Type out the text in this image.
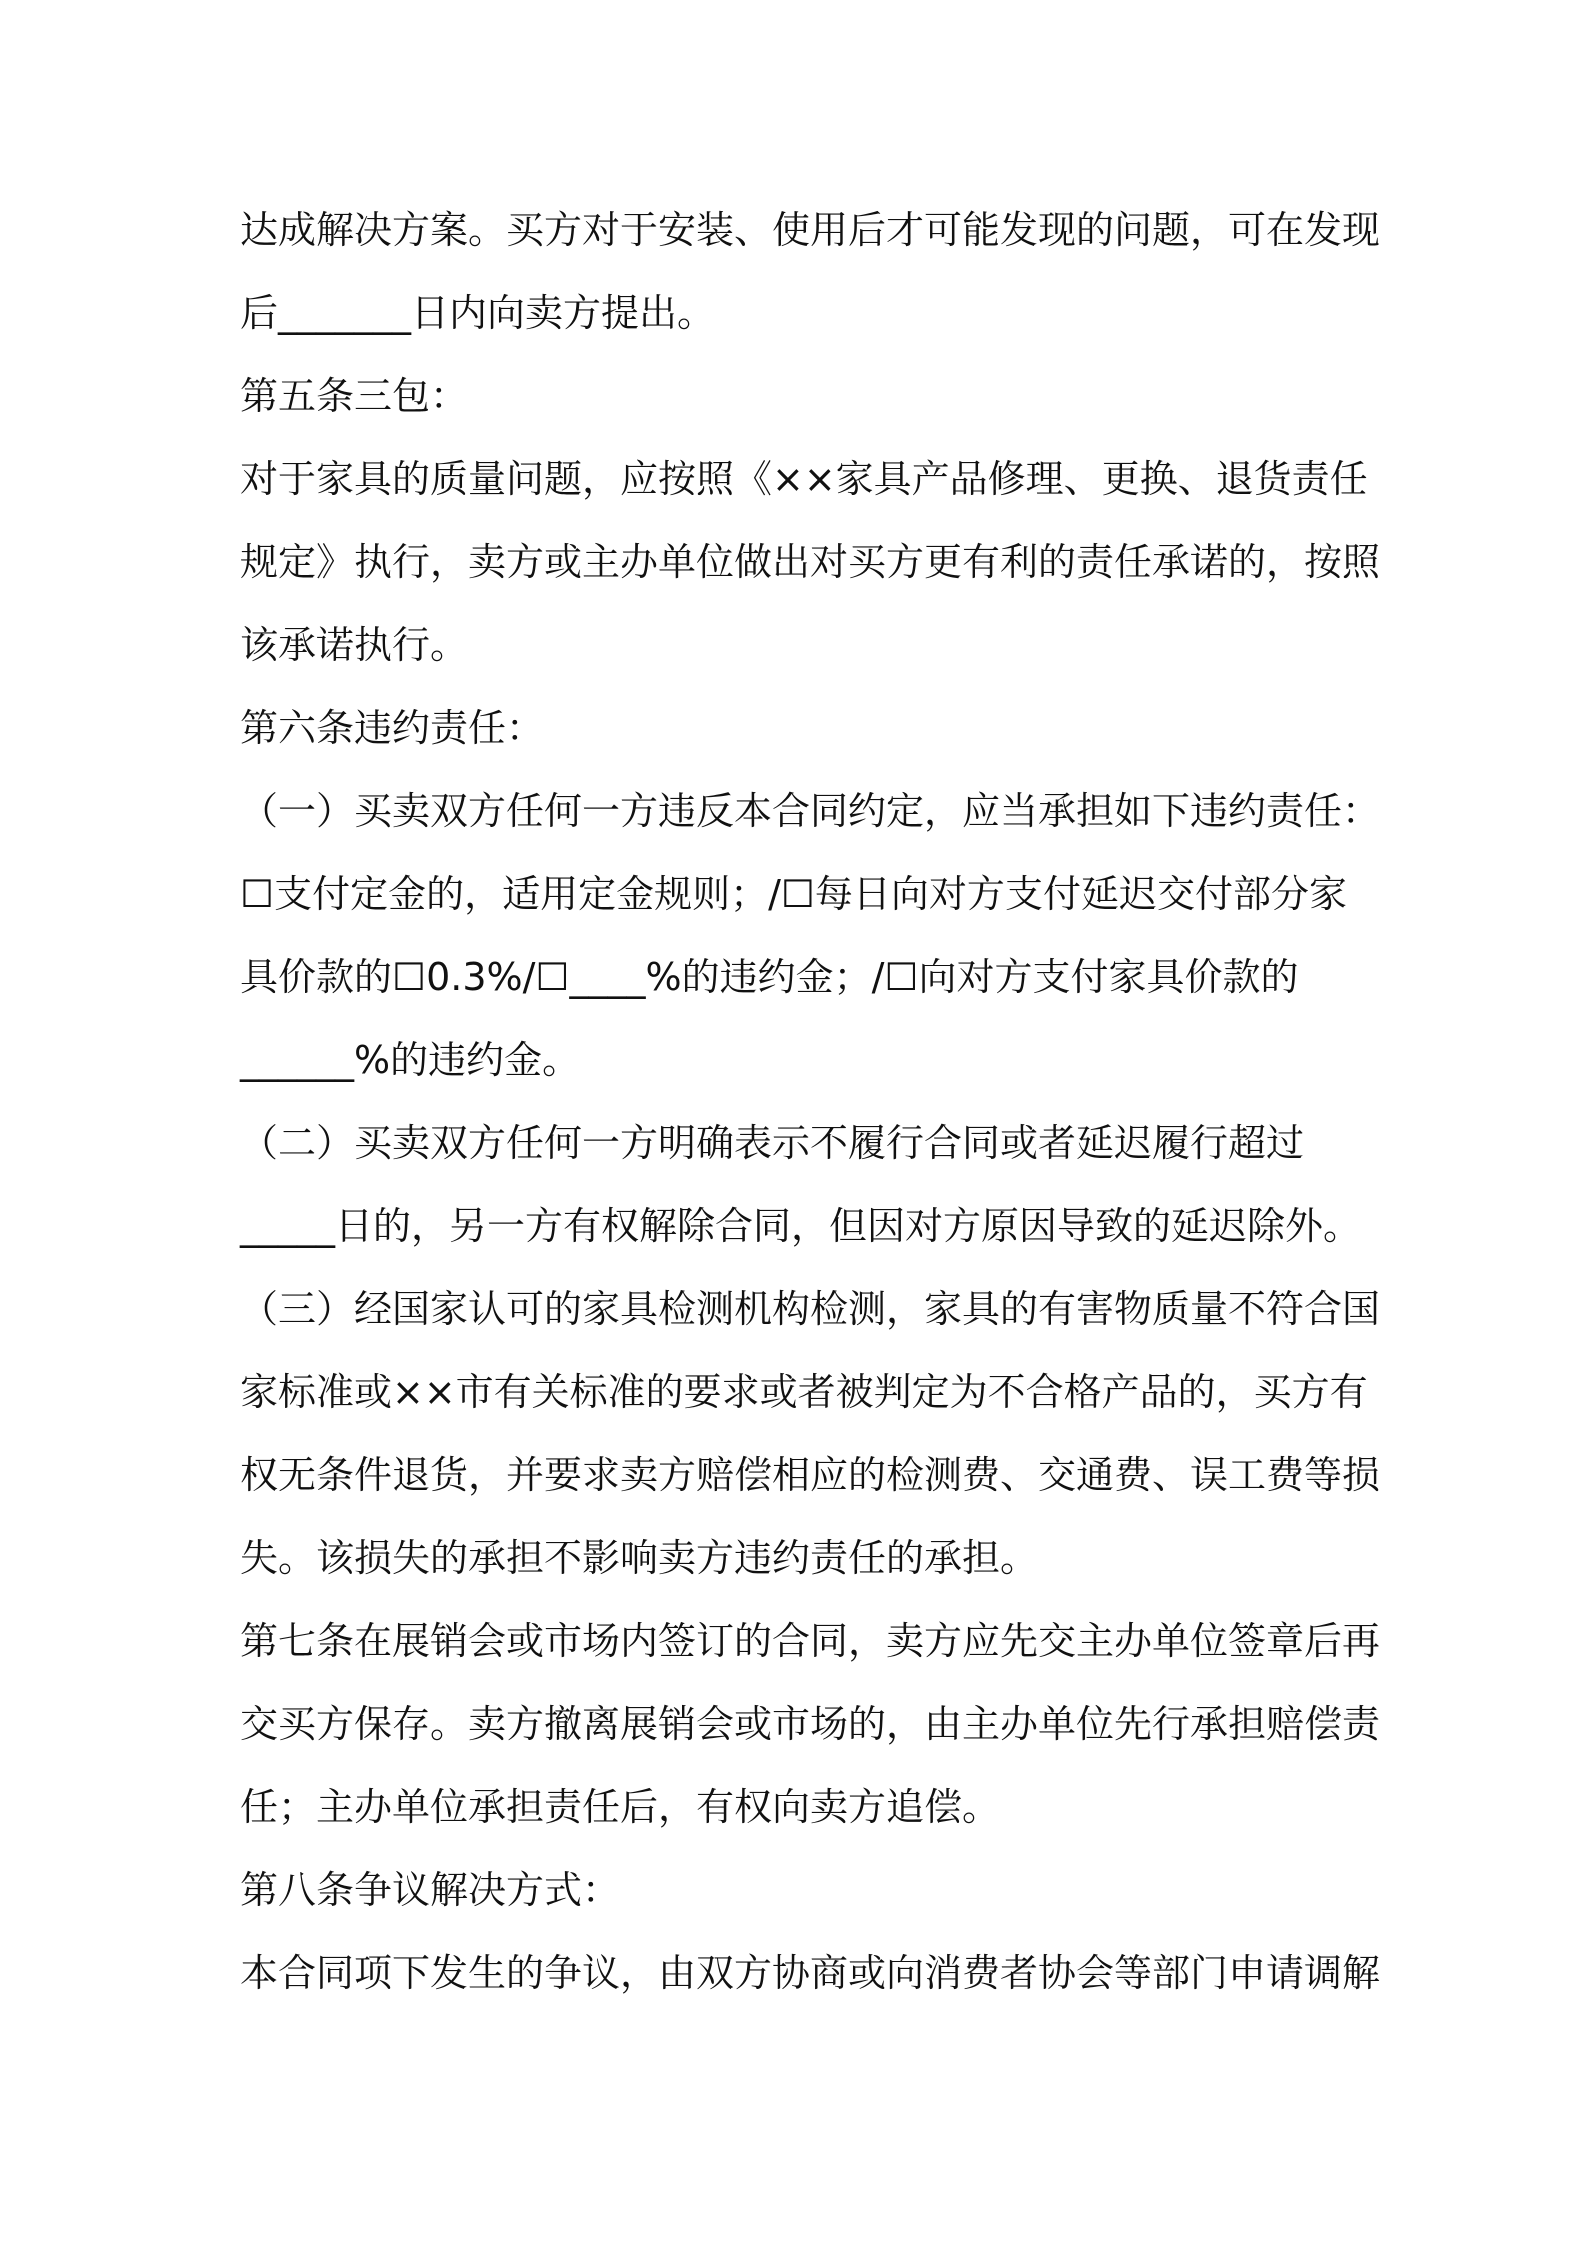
达成解决方案。买方对于安装、使用后才可能发现的问题，可在发现
后_______日内向卖方提出。
第五条三包：
对于家具的质量问题，应按照《××家具产品修理、更换、退货责任
规定》执行，卖方或主办单位做出对买方更有利的责任承诺的，按照
该承诺执行。
第六条违约责任：
（一）买卖双方任何一方违反本合同约定，应当承担如下违约责任：
☐支付定金的，适用定金规则；/☐每日向对方支付延迟交付部分家
具价款的☐0.3%/☐____%的违约金；/☐向对方支付家具价款的
______%的违约金。
（二）买卖双方任何一方明确表示不履行合同或者延迟履行超过
_____日的，另一方有权解除合同，但因对方原因导致的延迟除外。
（三）经国家认可的家具检测机构检测，家具的有害物质量不符合国
家标准或××市有关标准的要求或者被判定为不合格产品的，买方有
权无条件退货，并要求卖方赔偿相应的检测费、交通费、误工费等损
失。该损失的承担不影响卖方违约责任的承担。
第七条在展销会或市场内签订的合同，卖方应先交主办单位签章后再
交买方保存。卖方撤离展销会或市场的，由主办单位先行承担赔偿责
任；主办单位承担责任后，有权向卖方追偿。
第八条争议解决方式：
本合同项下发生的争议，由双方协商或向消费者协会等部门申请调解
